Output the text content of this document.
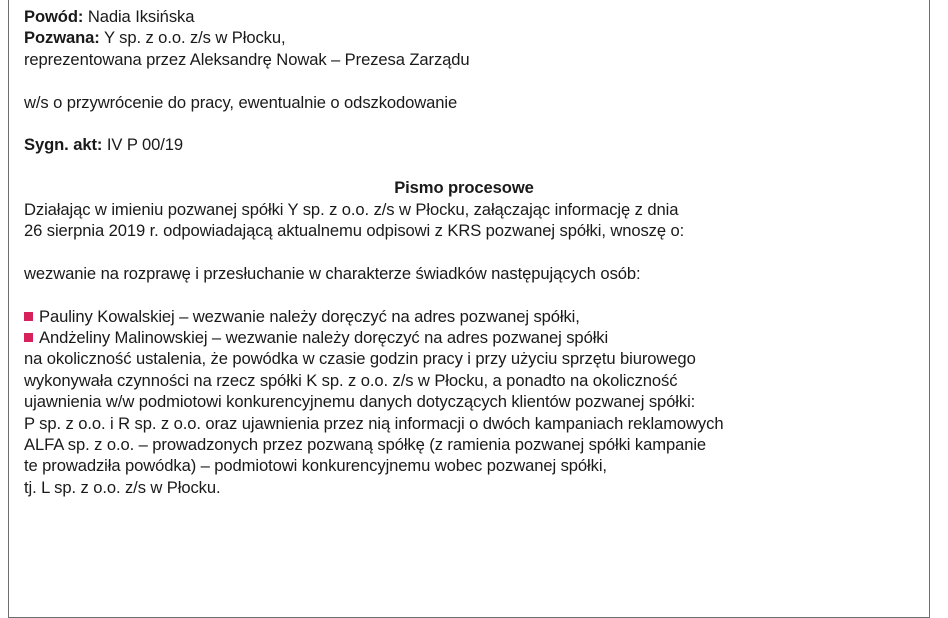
Powód: Nadia Iksińska

Pozwana: Y sp. z o.o. z/s w Płocku,

reprezentowana przez Aleksandrę Nowak – Prezesa Zarządu

w/s o przywrócenie do pracy, ewentualnie o odszkodowanie

Sygn. akt: IV P 00/19

Pismo procesowe

Działając w imieniu pozwanej spółki Y sp. z o.o. z/s w Płocku, załączając informację z dnia

26 sierpnia 2019 r. odpowiadającą aktualnemu odpisowi z KRS pozwanej spółki, wnoszę o:

wezwanie na rozprawę i przesłuchanie w charakterze świadków następujących osób:

Pauliny Kowalskiej – wezwanie należy doręczyć na adres pozwanej spółki,

Andżeliny Malinowskiej – wezwanie należy doręczyć na adres pozwanej spółki

na okoliczność ustalenia, że powódka w czasie godzin pracy i przy użyciu sprzętu biurowego

wykonywała czynności na rzecz spółki K sp. z o.o. z/s w Płocku, a ponadto na okoliczność

ujawnienia w/w podmiotowi konkurencyjnemu danych dotyczących klientów pozwanej spółki:

P sp. z o.o. i R sp. z o.o. oraz ujawnienia przez nią informacji o dwóch kampaniach reklamowych

ALFA sp. z o.o. – prowadzonych przez pozwaną spółkę (z ramienia pozwanej spółki kampanie

te prowadziła powódka) – podmiotowi konkurencyjnemu wobec pozwanej spółki,

tj. L sp. z o.o. z/s w Płocku.
